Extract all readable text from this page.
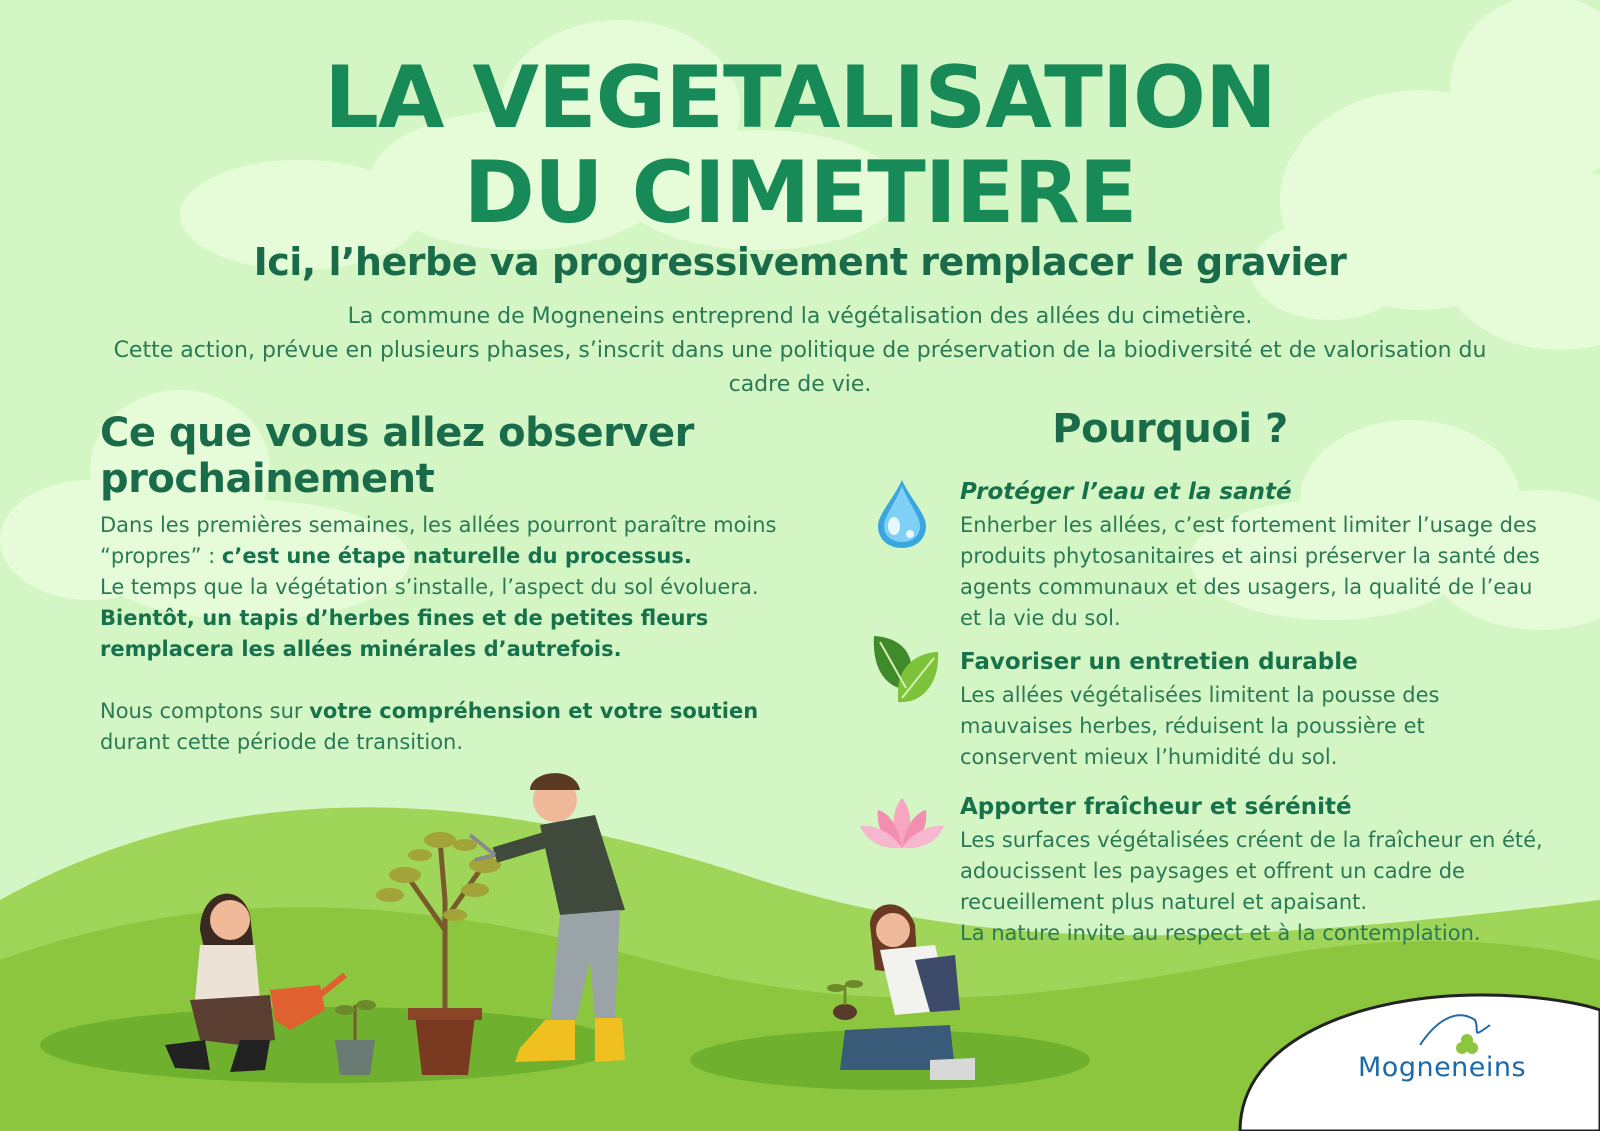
LA VEGETALISATION
DU CIMETIERE
Ici, l’herbe va progressivement remplacer le gravier

La commune de Mogneneins entreprend la végétalisation des allées du cimetière.

Cette action, prévue en plusieurs phases, s’inscrit dans une politique de préservation de la biodiversité et de valorisation du cadre de vie.

Ce que vous allez observer prochainement

Dans les premières semaines, les allées pourront paraître moins “propres” : c’est une étape naturelle du processus.
Le temps que la végétation s’installe, l’aspect du sol évoluera.
Bientôt, un tapis d’herbes fines et de petites fleurs remplacera les allées minérales d’autrefois.

Nous comptons sur votre compréhension et votre soutien
durant cette période de transition.

Pourquoi ?
Protéger l’eau et la santé
Enherber les allées, c’est fortement limiter l’usage des produits phytosanitaires et ainsi préserver la santé des agents communaux et des usagers, la qualité de l’eau et la vie du sol.
Favoriser un entretien durable
Les allées végétalisées limitent la pousse des mauvaises herbes, réduisent la poussière et conservent mieux l’humidité du sol.
Apporter fraîcheur et sérénité

Les surfaces végétalisées créent de la fraîcheur en été, adoucissent les paysages et offrent un cadre de recueillement plus naturel et apaisant.

La nature invite au respect et à la contemplation.

Mogneneins
